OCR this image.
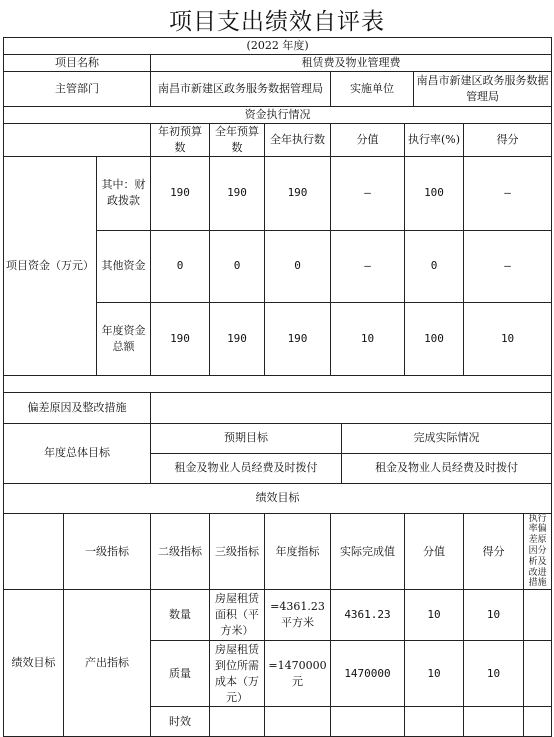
项目支出绩效自评表
(2022 年度)											
项目名称			租赁费及物业管理费								
主管部门			南昌市新建区政务服务数据管理局			实施单位			南昌市新建区政务服务数据管理局		
资金执行情况											
			年初预算数	全年预算数	全年执行数	分值		执行率(%)		得分	
项目资金（万元）		其中：财政拨款	190	190	190	–		100		–	
		其他资金	0	0	0	–		0		–	
		年度资金总额	190	190	190	10		100		10	

偏差原因及整改措施											
年度总体目标			预期目标				完成实际情况				
			租金及物业人员经费及时拨付				租金及物业人员经费及时拨付				
绩效目标											
	一级指标		二级指标	三级指标	年度指标	实际完成值		分值		得分	执行率偏差原因分析及改进措施
绩效目标	产出指标		数量	房屋租赁面积（平方米）	=4361.23平方米	4361.23		10		10	
			质量	房屋租赁到位所需成本（万元）	=1470000元	1470000		10		10	
			时效								
